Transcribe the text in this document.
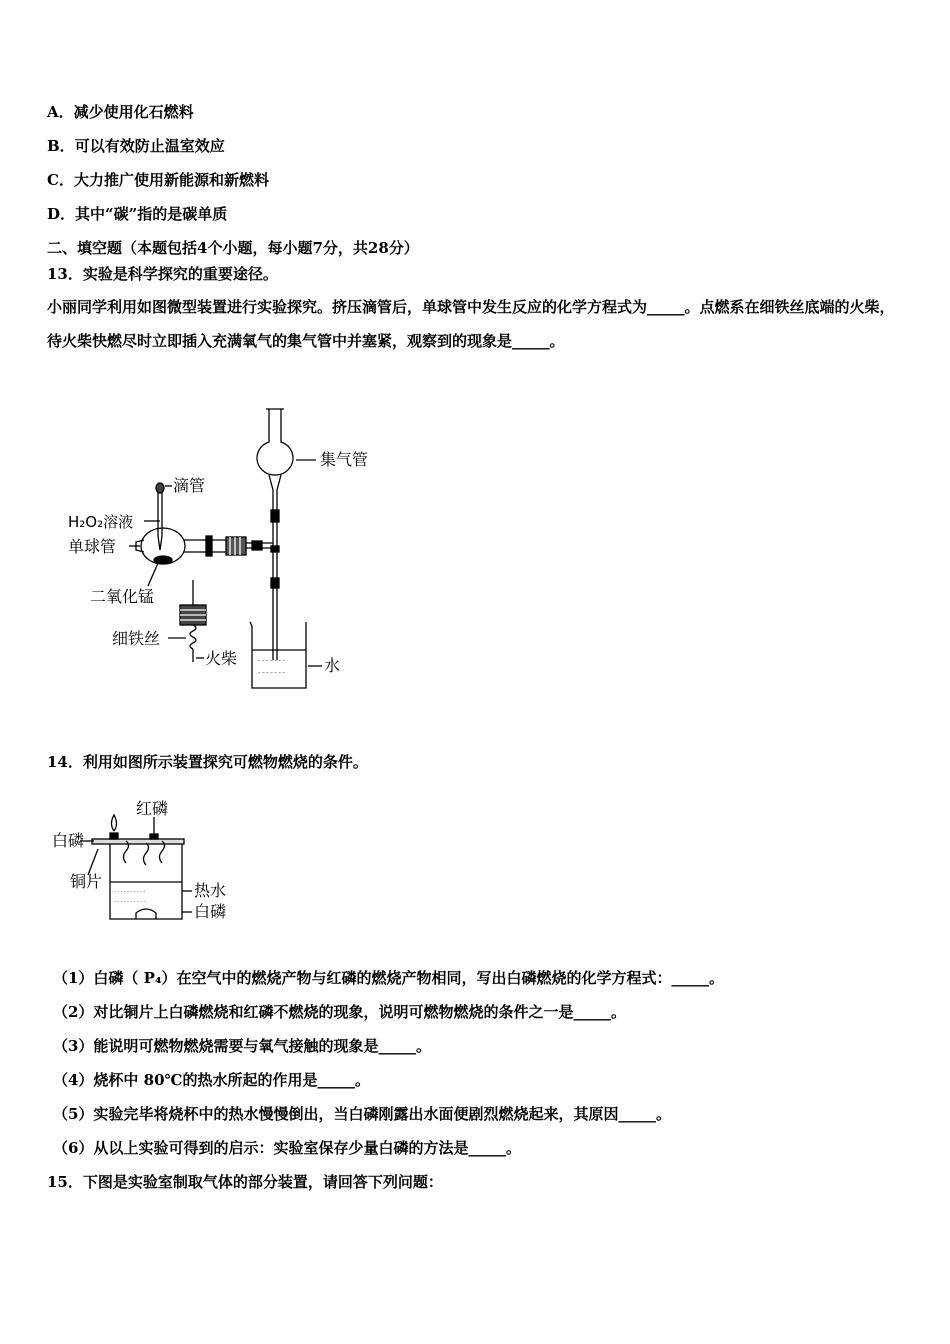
A．减少使用化石燃料
B．可以有效防止温室效应
C．大力推广使用新能源和新燃料
D．其中“碳”指的是碳单质
二、填空题（本题包括4个小题，每小题7分，共28分）
13．实验是科学探究的重要途径。
小丽同学利用如图微型装置进行实验探究。挤压滴管后，单球管中发生反应的化学方程式为_____。点燃系在细铁丝底端的火柴，待火柴快燃尽时立即插入充满氧气的集气管中并塞紧，观察到的现象是_____。
– – – – – – –
– – – – – – –
集气管
滴管
H₂O₂溶液
单球管
二氧化锰
细铁丝
火柴	水
14．利用如图所示装置探究可燃物燃烧的条件。
– – – – – – – – – –
– – – – – – – – – –
红磷
白磷
铜片	热水
白磷
（1）白磷（ P₄）在空气中的燃烧产物与红磷的燃烧产物相同，写出白磷燃烧的化学方程式：_____。
（2）对比铜片上白磷燃烧和红磷不燃烧的现象，说明可燃物燃烧的条件之一是_____。
（3）能说明可燃物燃烧需要与氧气接触的现象是_____。
（4）烧杯中 80℃的热水所起的作用是_____。
（5）实验完毕将烧杯中的热水慢慢倒出，当白磷刚露出水面便剧烈燃烧起来，其原因_____。
（6）从以上实验可得到的启示：实验室保存少量白磷的方法是_____。
15．下图是实验室制取气体的部分装置，请回答下列问题：
